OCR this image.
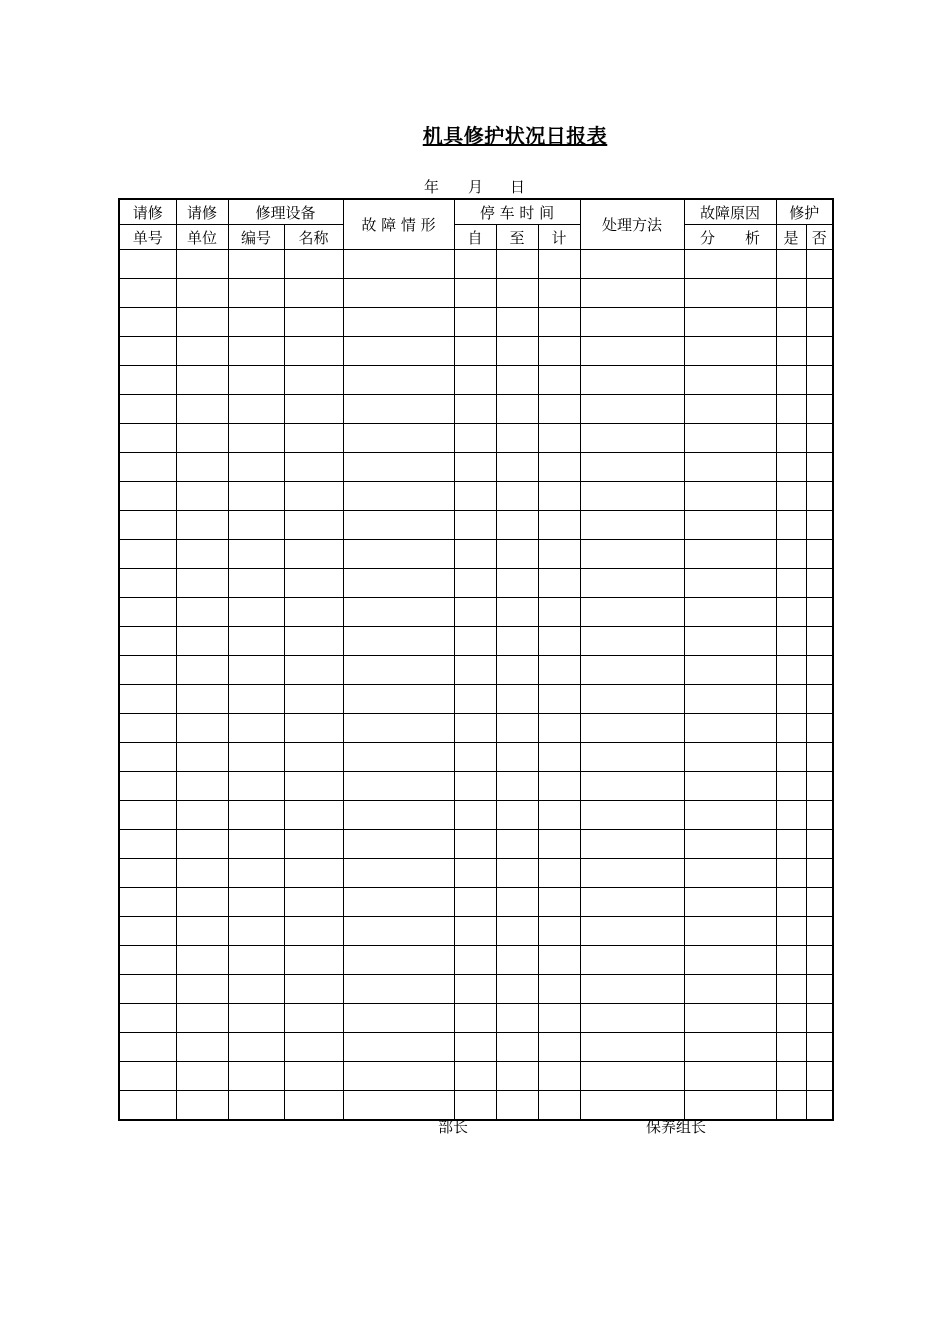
机具修护状况日报表
年	月	日
请修	请修	修理设备		故 障 情 形	停 车 时 间			处理方法	故障原因	修护	
单号	单位	编号	名称		自	至	计		分　　析	是	否

部长	保养组长
